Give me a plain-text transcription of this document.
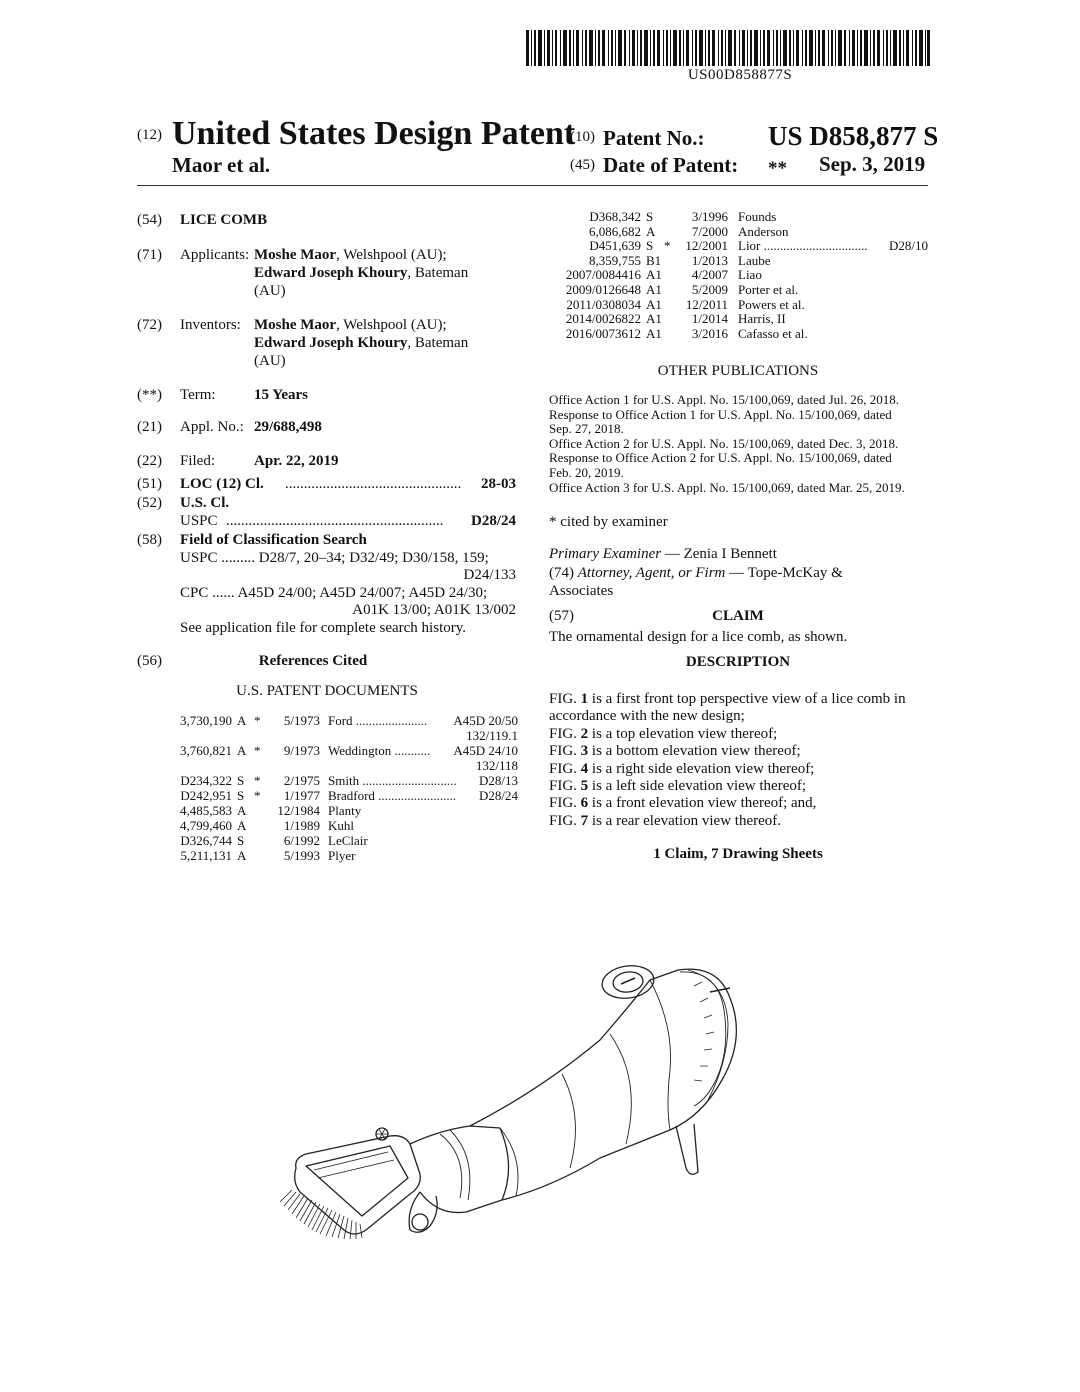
US00D858877S
(12) United States Design Patent
Maor et al.
(10) Patent No.: US D858,877 S
(45) Date of Patent: ** Sep. 3, 2019
(54) LICE COMB
(71) Applicants: Moshe Maor, Welshpool (AU);
Edward Joseph Khoury, Bateman
(AU)
(72) Inventors: Moshe Maor, Welshpool (AU);
Edward Joseph Khoury, Bateman
(AU)
(**) Term:	15 Years
(21) Appl. No.: 29/688,498
(22) Filed:	Apr. 22, 2019
(51) LOC (12) Cl. ...............................................	28-03
(52) U.S. Cl.
USPC ..........................................................	D28/24
(58) Field of Classification Search
USPC ......... D28/7, 20–34; D32/49; D30/158, 159;
D24/133
CPC ...... A45D 24/00; A45D 24/007; A45D 24/30;
A01K 13/00; A01K 13/002
See application file for complete search history.
(56)	References Cited
U.S. PATENT DOCUMENTS
3,730,190 A *	5/1973 Ford ......................	A45D 20/50
132/119.1
3,760,821 A *	9/1973 Weddington ...........	A45D 24/10
132/118
D234,322 S *	2/1975 Smith .............................	D28/13
D242,951 S *	1/1977 Bradford ........................	D28/24
4,485,583 A	12/1984 Planty
4,799,460 A	1/1989 Kuhl
D326,744 S	6/1992 LeClair
5,211,131 A	5/1993 Plyer
D368,342 S	3/1996 Founds
6,086,682 A	7/2000 Anderson
D451,639 S *	12/2001 Lior ................................	D28/10
8,359,755 B1	1/2013 Laube
2007/0084416 A1	4/2007 Liao
2009/0126648 A1	5/2009 Porter et al.
2011/0308034 A1	12/2011 Powers et al.
2014/0026822 A1	1/2014 Harris, II
2016/0073612 A1	3/2016 Cafasso et al.
OTHER PUBLICATIONS
Office Action 1 for U.S. Appl. No. 15/100,069, dated Jul. 26, 2018.
Response to Office Action 1 for U.S. Appl. No. 15/100,069, dated
Sep. 27, 2018.
Office Action 2 for U.S. Appl. No. 15/100,069, dated Dec. 3, 2018.
Response to Office Action 2 for U.S. Appl. No. 15/100,069, dated
Feb. 20, 2019.
Office Action 3 for U.S. Appl. No. 15/100,069, dated Mar. 25, 2019.
* cited by examiner
Primary Examiner — Zenia I Bennett
(74) Attorney, Agent, or Firm — Tope-McKay &
Associates
(57)	CLAIM
The ornamental design for a lice comb, as shown.
DESCRIPTION
FIG. 1 is a first front top perspective view of a lice comb in
accordance with the new design;
FIG. 2 is a top elevation view thereof;
FIG. 3 is a bottom elevation view thereof;
FIG. 4 is a right side elevation view thereof;
FIG. 5 is a left side elevation view thereof;
FIG. 6 is a front elevation view thereof; and,
FIG. 7 is a rear elevation view thereof.
1 Claim, 7 Drawing Sheets
